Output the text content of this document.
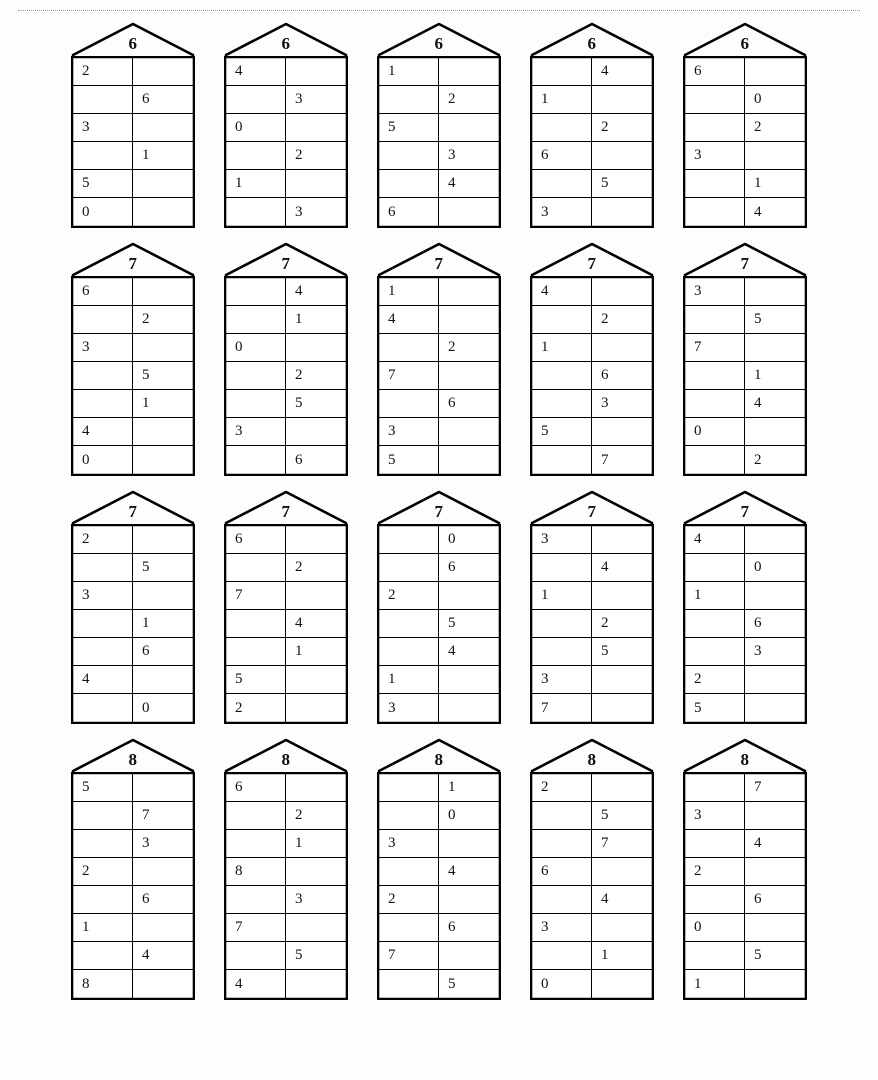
6
2
6
3
1
5
0
6
4
3
0
2
1
3
6
1
2
5
3
4
6
6
4
1
2
6
5
3
6
6
0
2
3
1
4
7
6
2
3
5
1
4
0
7
4
1
0
2
5
3
6
7
1
4
2
7
6
3
5
7
4
2
1
6
3
5
7
7
3
5
7
1
4
0
2
7
2
5
3
1
6
4
0
7
6
2
7
4
1
5
2
7
0
6
2
5
4
1
3
7
3
4
1
2
5
3
7
7
4
0
1
6
3
2
5
8
5
7
3
2
6
1
4
8
8
6
2
1
8
3
7
5
4
8
1
0
3
4
2
6
7
5
8
2
5
7
6
4
3
1
0
8
7
3
4
2
6
0
5
1
